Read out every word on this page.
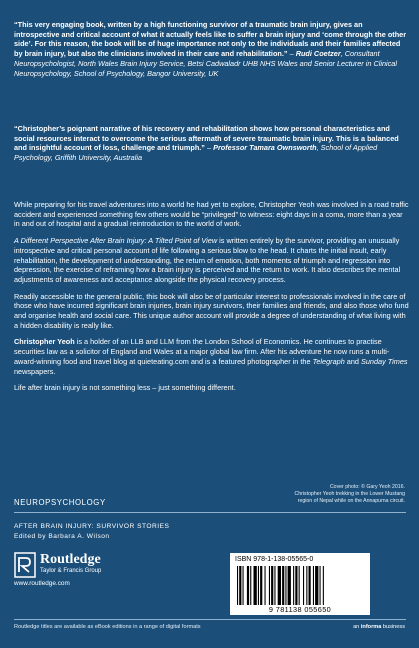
“This very engaging book, written by a high functioning survivor of a traumatic brain injury, gives an introspective and critical account of what it actually feels like to suffer a brain injury and ‘come through the other side’. For this reason, the book will be of huge importance not only to the individuals and their families affected by brain injury, but also the clinicians involved in their care and rehabilitation.” – Rudi Coetzer, Consultant Neuropsychologist, North Wales Brain Injury Service, Betsi Cadwaladr UHB NHS Wales and Senior Lecturer in Clinical Neuropsychology, School of Psychology, Bangor University, UK
“Christopher’s poignant narrative of his recovery and rehabilitation shows how personal characteristics and social resources interact to overcome the serious aftermath of severe traumatic brain injury. This is a balanced and insightful account of loss, challenge and triumph.” – Professor Tamara Ownsworth, School of Applied Psychology, Griffith University, Australia

While preparing for his travel adventures into a world he had yet to explore, Christopher Yeoh was involved in a road traffic accident and experienced something few others would be “privileged” to witness: eight days in a coma, more than a year in and out of hospital and a gradual reintroduction to the world of work.

A Different Perspective After Brain Injury: A Tilted Point of View is written entirely by the survivor, providing an unusually introspective and critical personal account of life following a serious blow to the head. It charts the initial insult, early rehabilitation, the development of understanding, the return of emotion, both moments of triumph and regression into depression, the exercise of reframing how a brain injury is perceived and the return to work. It also describes the mental adjustments of awareness and acceptance alongside the physical recovery process.

Readily accessible to the general public, this book will also be of particular interest to professionals involved in the care of those who have incurred significant brain injuries, brain injury survivors, their families and friends, and also those who fund and organise health and social care. This unique author account will provide a degree of understanding of what living with a hidden disability is really like.

Christopher Yeoh is a holder of an LLB and LLM from the London School of Economics. He continues to practise securities law as a solicitor of England and Wales at a major global law firm. After his adventure he now runs a multi-award-winning food and travel blog at quieteating.com and is a featured photographer in the Telegraph and Sunday Times newspapers.

Life after brain injury is not something less – just something different.

Cover photo: © Gary Yeoh 2016.
Christopher Yeoh trekking in the Lower Mustang
region of Nepal while on the Annapurna circuit.
NEUROPSYCHOLOGY
AFTER BRAIN INJURY: SURVIVOR STORIES
Edited by Barbara A. Wilson
Routledge
Taylor & Francis Group
www.routledge.com
ISBN 978-1-138-05565-0
9 781138 055650
Routledge titles are available as eBook editions in a range of digital formats	an informa business
